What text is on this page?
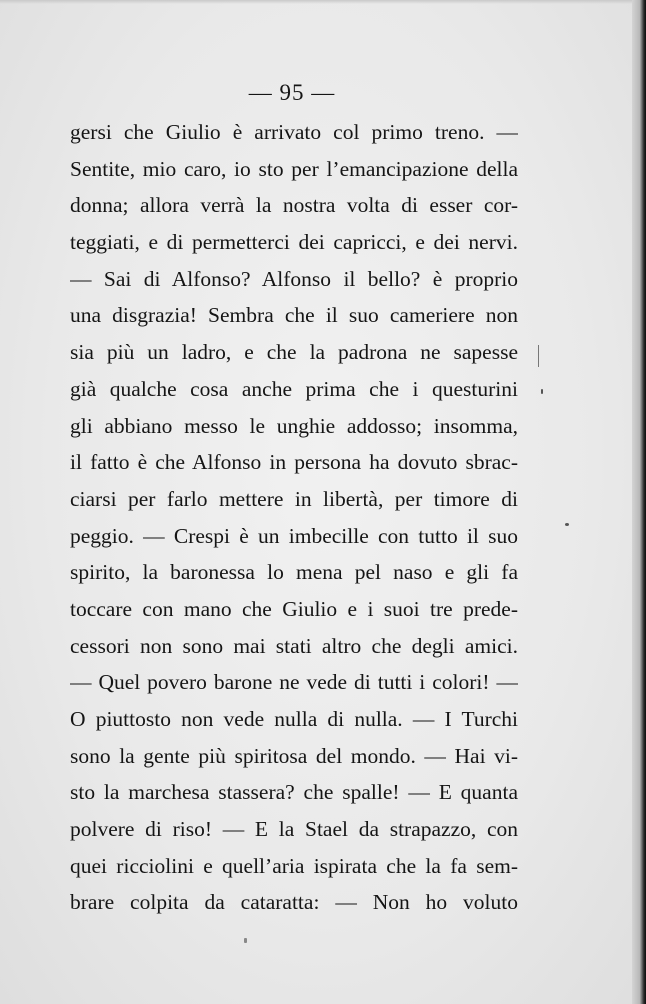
— 95 —
gersi che Giulio è arrivato col primo treno. —
Sentite, mio caro, io sto per l’emancipazione della
donna; allora verrà la nostra volta di esser cor-
teggiati, e di permetterci dei capricci, e dei nervi.
— Sai di Alfonso? Alfonso il bello? è proprio
una disgrazia! Sembra che il suo cameriere non
sia più un ladro, e che la padrona ne sapesse
già qualche cosa anche prima che i questurini
gli abbiano messo le unghie addosso; insomma,
il fatto è che Alfonso in persona ha dovuto sbrac-
ciarsi per farlo mettere in libertà, per timore di
peggio. — Crespi è un imbecille con tutto il suo
spirito, la baronessa lo mena pel naso e gli fa
toccare con mano che Giulio e i suoi tre prede-
cessori non sono mai stati altro che degli amici.
— Quel povero barone ne vede di tutti i colori! —
O piuttosto non vede nulla di nulla. — I Turchi
sono la gente più spiritosa del mondo. — Hai vi-
sto la marchesa stassera? che spalle! — E quanta
polvere di riso! — E la Stael da strapazzo, con
quei ricciolini e quell’aria ispirata che la fa sem-
brare colpita da cataratta: — Non ho voluto
